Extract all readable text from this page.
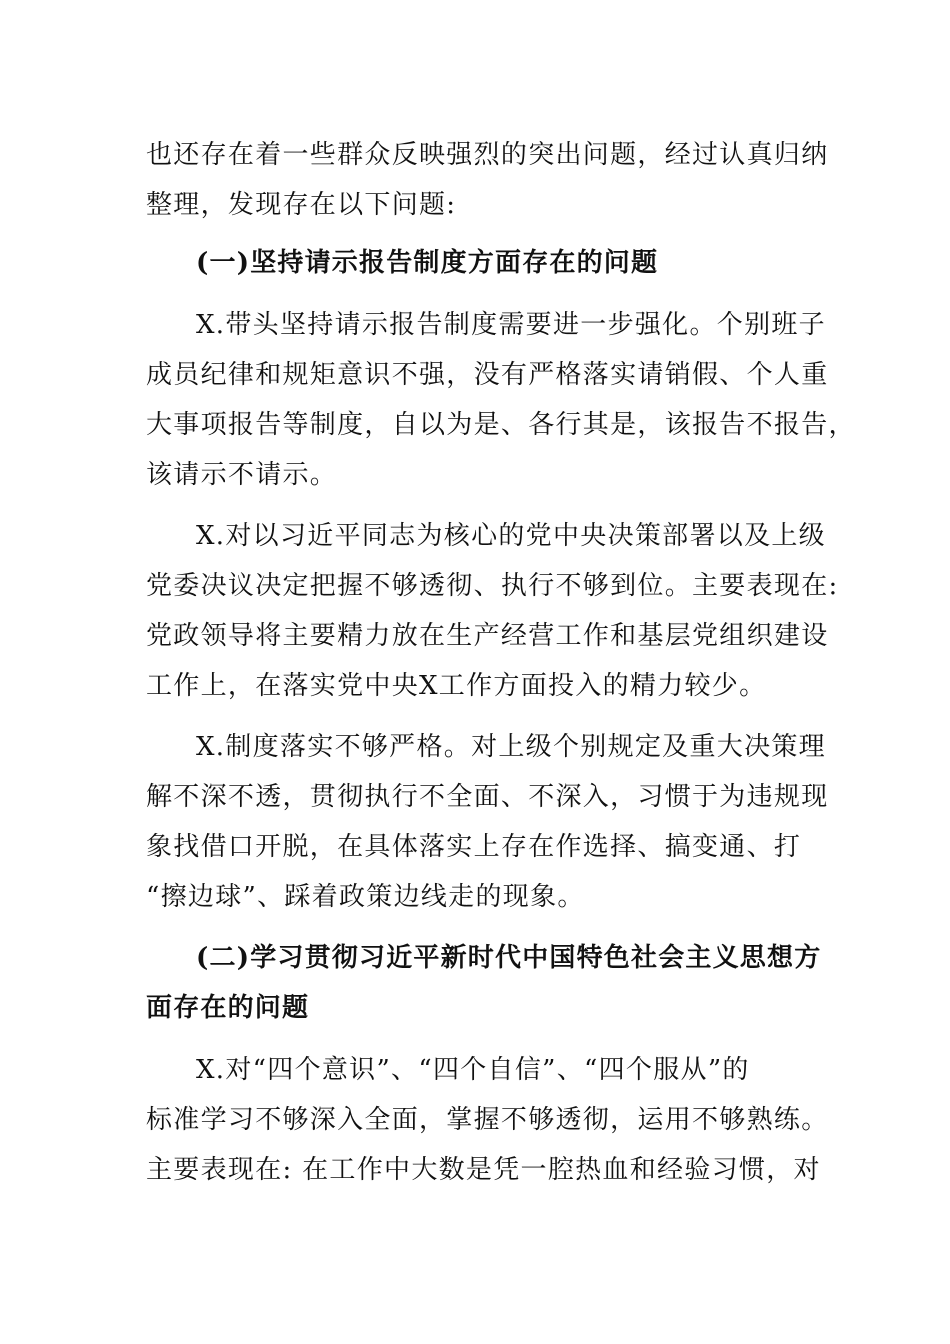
也还存在着一些群众反映强烈的突出问题，经过认真归纳
整理，发现存在以下问题:
(一)坚持请示报告制度方面存在的问题
X.带头坚持请示报告制度需要进一步强化。个别班子
成员纪律和规矩意识不强，没有严格落实请销假、个人重
大事项报告等制度，自以为是、各行其是，该报告不报告，
该请示不请示。
X.对以习近平同志为核心的党中央决策部署以及上级
党委决议决定把握不够透彻、执行不够到位。主要表现在:
党政领导将主要精力放在生产经营工作和基层党组织建设
工作上，在落实党中央X工作方面投入的精力较少。
X.制度落实不够严格。对上级个别规定及重大决策理
解不深不透，贯彻执行不全面、不深入，习惯于为违规现
象找借口开脱，在具体落实上存在作选择、搞变通、打
“擦边球”、踩着政策边线走的现象。
(二)学习贯彻习近平新时代中国特色社会主义思想方
面存在的问题
X.对“四个意识”、“四个自信”、“四个服从”的
标准学习不够深入全面，掌握不够透彻，运用不够熟练。
主要表现在: 在工作中大数是凭一腔热血和经验习惯，对
